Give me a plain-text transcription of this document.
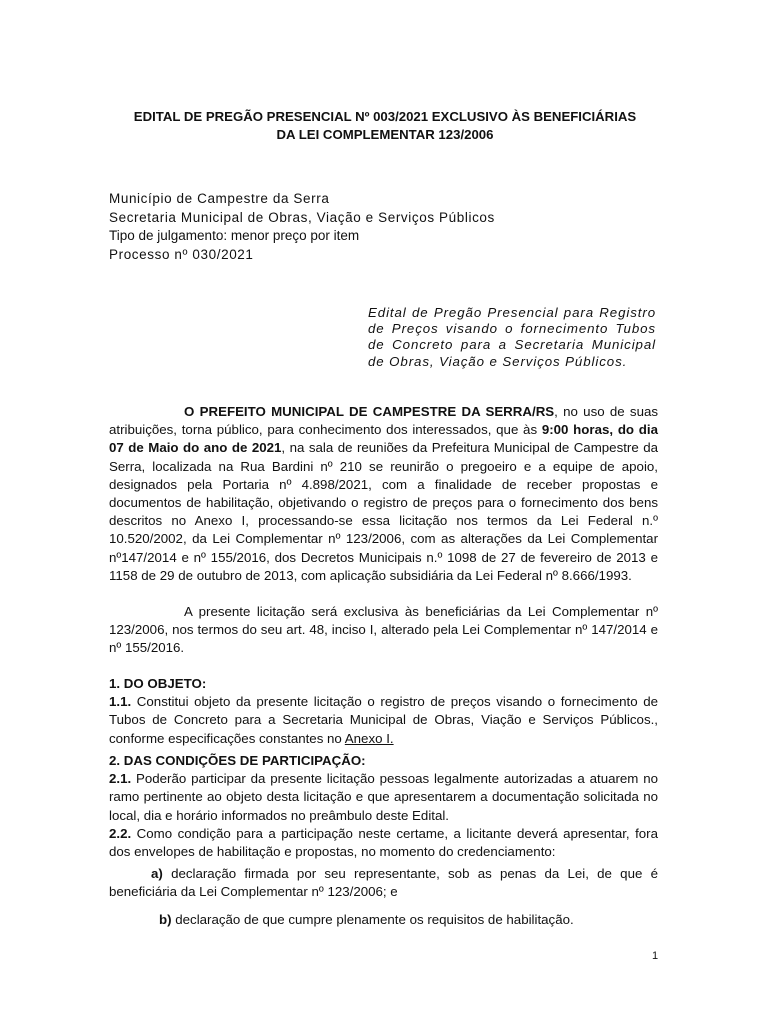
EDITAL DE PREGÃO PRESENCIAL Nº 003/2021 EXCLUSIVO ÀS BENEFICIÁRIAS
DA LEI COMPLEMENTAR 123/2006
Município de Campestre da Serra
Secretaria Municipal de Obras, Viação e Serviços Públicos
Tipo de julgamento: menor preço por item
Processo nº 030/2021
Edital de Pregão Presencial para Registro de Preços visando o fornecimento Tubos de Concreto para a Secretaria Municipal de Obras, Viação e Serviços Públicos.

O PREFEITO MUNICIPAL DE CAMPESTRE DA SERRA/RS, no uso de suas atribuições, torna público, para conhecimento dos interessados, que às 9:00 horas, do dia 07 de Maio do ano de 2021, na sala de reuniões da Prefeitura Municipal de Campestre da Serra, localizada na Rua Bardini nº 210 se reunirão o pregoeiro e a equipe de apoio, designados pela Portaria nº 4.898/2021, com a finalidade de receber propostas e documentos de habilitação, objetivando o registro de preços para o fornecimento dos bens descritos no Anexo I, processando-se essa licitação nos termos da Lei Federal n.º 10.520/2002, da Lei Complementar nº 123/2006, com as alterações da Lei Complementar nº147/2014 e nº 155/2016, dos Decretos Municipais n.º 1098 de 27 de fevereiro de 2013 e 1158 de 29 de outubro de 2013, com aplicação subsidiária da Lei Federal nº 8.666/1993.

A presente licitação será exclusiva às beneficiárias da Lei Complementar nº 123/2006, nos termos do seu art. 48, inciso I, alterado pela Lei Complementar nº 147/2014 e nº 155/2016.

1. DO OBJETO:

1.1. Constitui objeto da presente licitação o registro de preços visando o fornecimento de Tubos de Concreto para a Secretaria Municipal de Obras, Viação e Serviços Públicos., conforme especificações constantes no Anexo I.

2. DAS CONDIÇÕES DE PARTICIPAÇÃO:

2.1. Poderão participar da presente licitação pessoas legalmente autorizadas a atuarem no ramo pertinente ao objeto desta licitação e que apresentarem a documentação solicitada no local, dia e horário informados no preâmbulo deste Edital.

2.2. Como condição para a participação neste certame, a licitante deverá apresentar, fora dos envelopes de habilitação e propostas, no momento do credenciamento:

a) declaração firmada por seu representante, sob as penas da Lei, de que é beneficiária da Lei Complementar nº 123/2006; e

b) declaração de que cumpre plenamente os requisitos de habilitação.

1
